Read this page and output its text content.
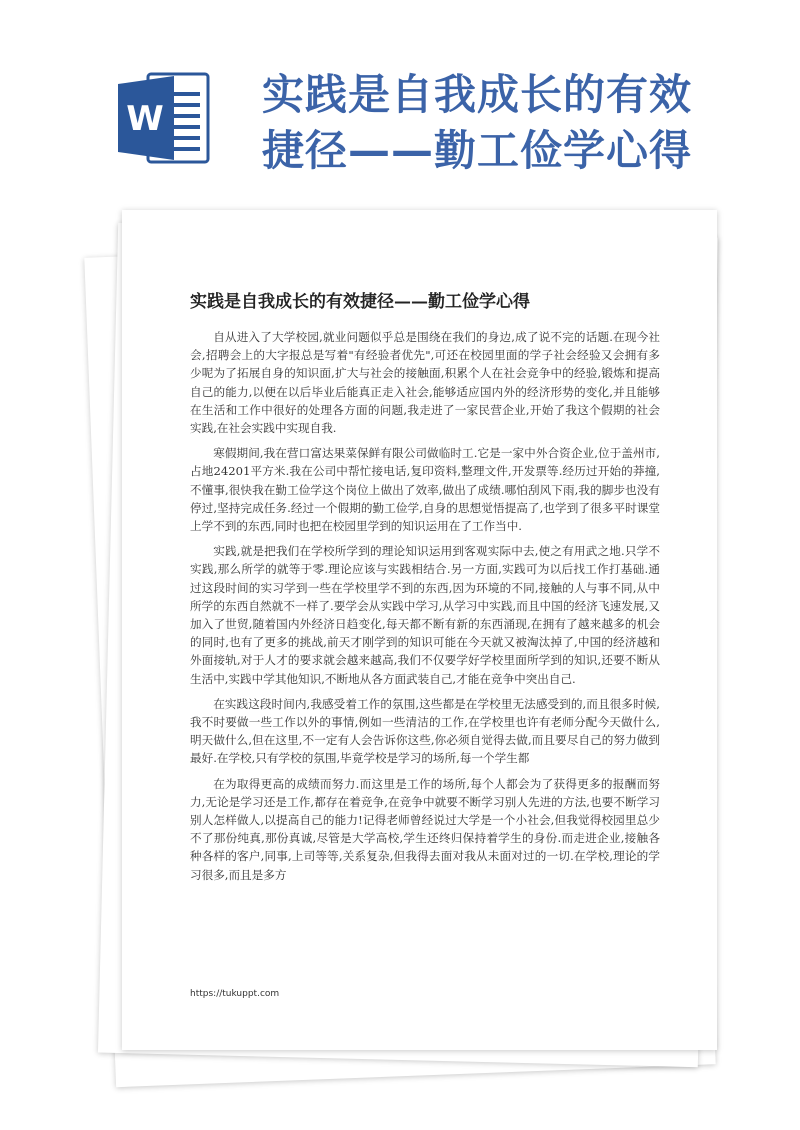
W 实践是自我成长的有效
捷径——勤工俭学心得

实践是自我成长的有效捷径——勤工俭学心得

自从进入了大学校园,就业问题似乎总是围绕在我们的身边,成了说不完的话题.在现今社会,招聘会上的大字报总是写着"有经验者优先",可还在校园里面的学子社会经验又会拥有多少呢为了拓展自身的知识面,扩大与社会的接触面,积累个人在社会竞争中的经验,锻炼和提高自己的能力,以便在以后毕业后能真正走入社会,能够适应国内外的经济形势的变化,并且能够在生活和工作中很好的处理各方面的问题,我走进了一家民营企业,开始了我这个假期的社会实践,在社会实践中实现自我.

寒假期间,我在营口富达果菜保鲜有限公司做临时工.它是一家中外合资企业,位于盖州市,占地24201平方米.我在公司中帮忙接电话,复印资料,整理文件,开发票等.经历过开始的莽撞,不懂事,很快我在勤工俭学这个岗位上做出了效率,做出了成绩.哪怕刮风下雨,我的脚步也没有停过,坚持完成任务.经过一个假期的勤工俭学,自身的思想觉悟提高了,也学到了很多平时课堂上学不到的东西,同时也把在校园里学到的知识运用在了工作当中.

实践,就是把我们在学校所学到的理论知识运用到客观实际中去,使之有用武之地.只学不实践,那么所学的就等于零.理论应该与实践相结合.另一方面,实践可为以后找工作打基础.通过这段时间的实习学到一些在学校里学不到的东西,因为环境的不同,接触的人与事不同,从中所学的东西自然就不一样了.要学会从实践中学习,从学习中实践,而且中国的经济飞速发展,又加入了世贸,随着国内外经济日趋变化,每天都不断有新的东西涌现,在拥有了越来越多的机会的同时,也有了更多的挑战,前天才刚学到的知识可能在今天就又被淘汰掉了,中国的经济越和外面接轨,对于人才的要求就会越来越高,我们不仅要学好学校里面所学到的知识,还要不断从生活中,实践中学其他知识,不断地从各方面武装自己,才能在竞争中突出自己.

在实践这段时间内,我感受着工作的氛围,这些都是在学校里无法感受到的,而且很多时候,我不时要做一些工作以外的事情,例如一些清洁的工作,在学校里也许有老师分配今天做什么,明天做什么,但在这里,不一定有人会告诉你这些,你必须自觉得去做,而且要尽自己的努力做到最好.在学校,只有学校的氛围,毕竟学校是学习的场所,每一个学生都

在为取得更高的成绩而努力.而这里是工作的场所,每个人都会为了获得更多的报酬而努力,无论是学习还是工作,都存在着竞争,在竞争中就要不断学习别人先进的方法,也要不断学习别人怎样做人,以提高自己的能力!记得老师曾经说过大学是一个小社会,但我觉得校园里总少不了那份纯真,那份真诚,尽管是大学高校,学生还终归保持着学生的身份.而走进企业,接触各种各样的客户,同事,上司等等,关系复杂,但我得去面对我从未面对过的一切.在学校,理论的学习很多,而且是多方

https://tukuppt.com
